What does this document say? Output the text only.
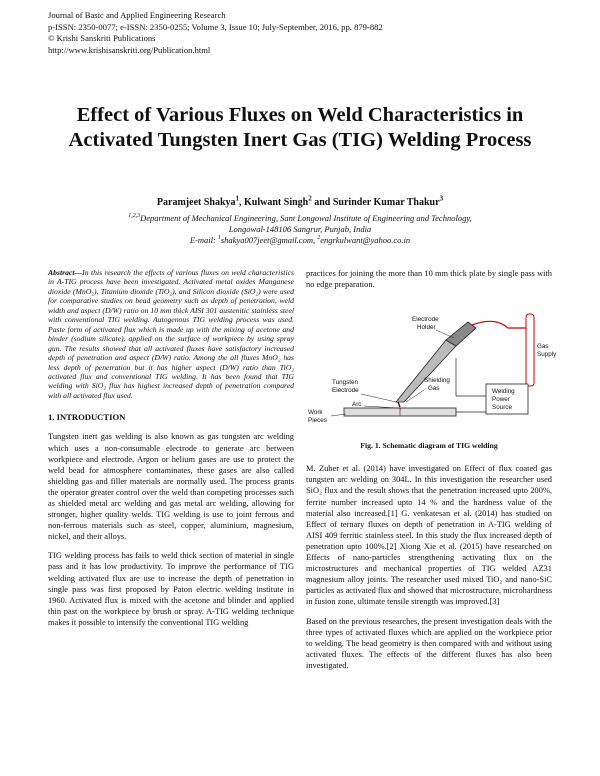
Journal of Basic and Applied Engineering Research
p-ISSN: 2350-0077; e-ISSN: 2350-0255; Volume 3, Issue 10; July-September, 2016, pp. 879-882
© Krishi Sanskriti Publications
http://www.krishisanskriti.org/Publication.html
Effect of Various Fluxes on Weld Characteristics in Activated Tungsten Inert Gas (TIG) Welding Process
Paramjeet Shakya$^1$, Kulwant Singh$^2$ and Surinder Kumar Thakur$^3$
$^{1,2,3}$Department of Mechanical Engineering, Sant Longowal Institute of Engineering and Technology,
Longowal-148106 Sangrur, Punjab, India
E-mail: $^1$shakya007jeet@gmail.com, $^2$engrkulwant@yahoo.co.in

Abstract—In this research the effects of various fluxes on weld characteristics in A-TIG process have been investigated. Activated metal oxides Manganese dioxide (MnO₂), Titanium dioxide (TiO₂), and Silicon dioxide (SiO₂) were used for comparative studies on bead geometry such as depth of penetration, weld width and aspect (D/W) ratio on 10 mm thick AISI 301 austenitic stainless steel with conventional TIG welding. Autogenous TIG welding process was used. Paste form of activated flux which is made up with the mixing of acetone and binder (sodium silicate), applied on the surface of workpiece by using spray gun. The results showed that all activated fluxes have satisfactory increased depth of penetration and aspect (D/W) ratio. Among the all fluxes MnO₂ has less depth of penetration but it has higher aspect (D/W) ratio than TiO₂ activated flux and conventional TIG welding. It has been found that TIG welding with SiO₂ flux has highest increased depth of penetration compared with all activated flux used.

1. INTRODUCTION

Tungsten inert gas welding is also known as gas tungsten arc welding which uses a non-consumable electrode to generate arc between workpiece and electrode. Argon or helium gases are use to protect the weld bead for atmosphere contaminates, these gases are also called shielding gas and filler materials are normally used. The process grants the operator greater control over the weld than competing processes such as shielded metal arc welding and gas metal arc welding, allowing for stronger, higher quality welds. TIG welding is use to joint ferrous and non-ferrous materials such as steel, copper, aluminium, magnesium, nickel, and their alloys.

TIG welding process has fails to weld thick section of material in single pass and it has low productivity. To improve the performance of TIG welding activated flux are use to increase the depth of penetration in single pass was first proposed by Paton electric welding institute in 1960. Activated flux is mixed with the acetone and blinder and applied thin past on the workpiece by brush or spray. A-TIG welding technique makes it possible to intensify the conventional TIG welding

practices for joining the more than 10 mm thick plate by single pass with no edge preparation.

Electrode
Holder
Gas
Supply
Tungsten
Electrode
Shielding
Gas
Arc
Work
Pieces
Welding
Power
Source
Fig. 1. Schematic diagram of TIG welding

M. Zuber et al. (2014) have investigated on Effect of flux coated gas tungsten arc welding on 304L. In this investigation the researcher used SiO₂ flux and the result shows that the penetration increased upto 200%, ferrite number increased upto 14 % and the hardness value of the material also increased.[1] G. venkatesan et al. (2014) has studied on Effect of ternary fluxes on depth of penetration in A-TIG welding of AISI 409 ferritic stainless steel. In this study the flux increased depth of penetration upto 100%.[2] Xiong Xie et al. (2015) have researched on Effects of nano-particles strengthening activating flux on the microstructures and mechanical properties of TIG welded AZ31 magnesium alloy joints. The researcher used mixed TiO₂ and nano-SiC particles as activated flux and showed that microstructure, microhardness in fusion zone, ultimate tensile strength was improved.[3]

Based on the previous researches, the present investigation deals with the three types of activated fluxes which are applied on the workpiece prior to welding. The bead geometry is then compared with and without using activated fluxes. The effects of the different fluxes has also been investigated.
